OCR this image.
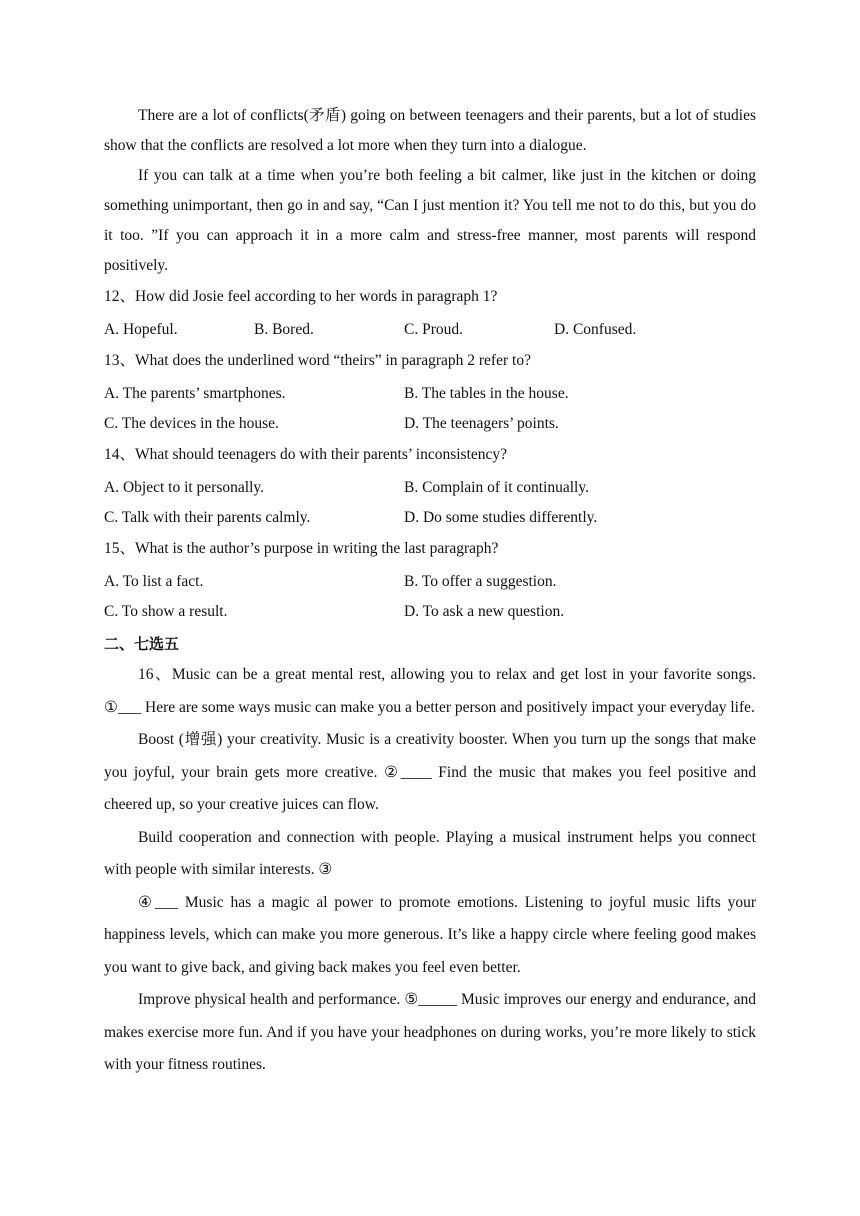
There are a lot of conflicts(矛盾) going on between teenagers and their parents, but a lot of studies show that the conflicts are resolved a lot more when they turn into a dialogue.

If you can talk at a time when you’re both feeling a bit calmer, like just in the kitchen or doing something unimportant, then go in and say, “Can I just mention it? You tell me not to do this, but you do it too. ”If you can approach it in a more calm and stress-free manner, most parents will respond positively.

12、How did Josie feel according to her words in paragraph 1?

A. Hopeful.	B. Bored.	C. Proud.	D. Confused.

13、What does the underlined word “theirs” in paragraph 2 refer to?

A. The parents’ smartphones.	B. The tables in the house.
C. The devices in the house.	D. The teenagers’ points.

14、What should teenagers do with their parents’ inconsistency?

A. Object to it personally.	B. Complain of it continually.
C. Talk with their parents calmly.	D. Do some studies differently.

15、What is the author’s purpose in writing the last paragraph?

A. To list a fact.	B. To offer a suggestion.
C. To show a result.	D. To ask a new question.
二、七选五

16、Music can be a great mental rest, allowing you to relax and get lost in your favorite songs. ①___ Here are some ways music can make you a better person and positively impact your everyday life.

Boost (增强) your creativity. Music is a creativity booster. When you turn up the songs that make you joyful, your brain gets more creative. ②____ Find the music that makes you feel positive and cheered up, so your creative juices can flow.

Build cooperation and connection with people. Playing a musical instrument helps you connect with people with similar interests. ③

④___ Music has a magic al power to promote emotions. Listening to joyful music lifts your happiness levels, which can make you more generous. It’s like a happy circle where feeling good makes you want to give back, and giving back makes you feel even better.

Improve physical health and performance. ⑤_____ Music improves our energy and endurance, and makes exercise more fun. And if you have your headphones on during works, you’re more likely to stick with your fitness routines.
